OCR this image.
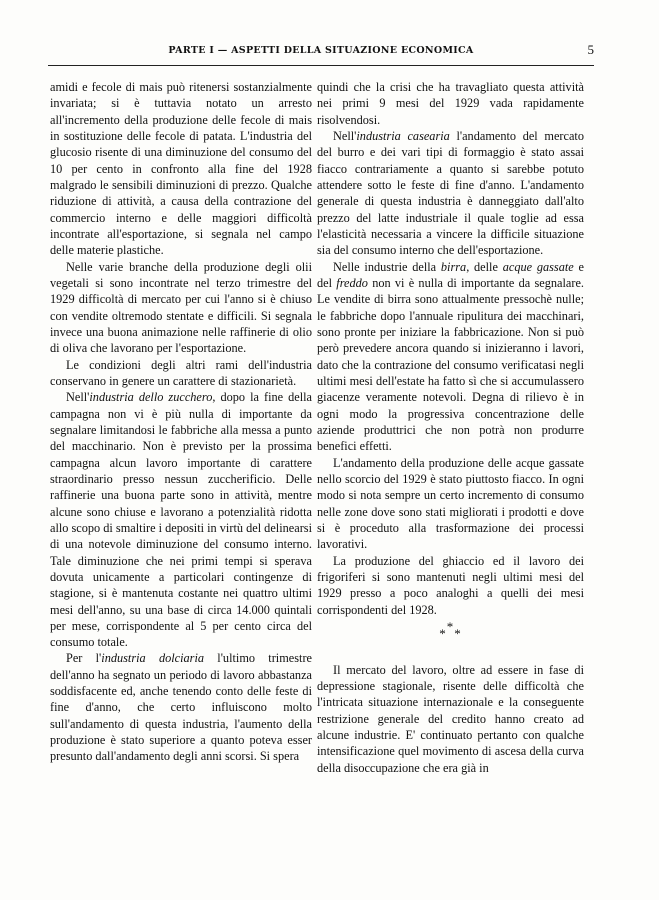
PARTE I — ASPETTI DELLA SITUAZIONE ECONOMICA	5

amidi e fecole di mais può ritenersi sostanzialmente invariata; si è tuttavia notato un arresto all'incremento della produzione delle fecole di mais in sostituzione delle fecole di patata. L'industria del glucosio risente di una diminuzione del consumo del 10 per cento in confronto alla fine del 1928 malgrado le sensibili diminuzioni di prezzo. Qualche riduzione di attività, a causa della contrazione del commercio interno e delle maggiori difficoltà incontrate all'esportazione, si segnala nel campo delle materie plastiche.

Nelle varie branche della produzione degli olii vegetali si sono incontrate nel terzo trimestre del 1929 difficoltà di mercato per cui l'anno si è chiuso con vendite oltremodo stentate e difficili. Si segnala invece una buona animazione nelle raffinerie di olio di oliva che lavorano per l'esportazione.

Le condizioni degli altri rami dell'industria conservano in genere un carattere di stazionarietà.

Nell'industria dello zucchero, dopo la fine della campagna non vi è più nulla di importante da segnalare limitandosi le fabbriche alla messa a punto del macchinario. Non è previsto per la prossima campagna alcun lavoro importante di carattere straordinario presso nessun zuccherificio. Delle raffinerie una buona parte sono in attività, mentre alcune sono chiuse e lavorano a potenzialità ridotta allo scopo di smaltire i depositi in virtù del delinearsi di una notevole diminuzione del consumo interno. Tale diminuzione che nei primi tempi si sperava dovuta unicamente a particolari contingenze di stagione, si è mantenuta costante nei quattro ultimi mesi dell'anno, su una base di circa 14.000 quintali per mese, corrispondente al 5 per cento circa del consumo totale.

Per l'industria dolciaria l'ultimo trimestre dell'anno ha segnato un periodo di lavoro abbastanza soddisfacente ed, anche tenendo conto delle feste di fine d'anno, che certo influiscono molto sull'andamento di questa industria, l'aumento della produzione è stato superiore a quanto poteva esser presunto dall'andamento degli anni scorsi. Si spera

quindi che la crisi che ha travagliato questa attività nei primi 9 mesi del 1929 vada rapidamente risolvendosi.

Nell'industria casearia l'andamento del mercato del burro e dei vari tipi di formaggio è stato assai fiacco contrariamente a quanto si sarebbe potuto attendere sotto le feste di fine d'anno. L'andamento generale di questa industria è danneggiato dall'alto prezzo del latte industriale il quale toglie ad essa l'elasticità necessaria a vincere la difficile situazione sia del consumo interno che dell'esportazione.

Nelle industrie della birra, delle acque gassate e del freddo non vi è nulla di importante da segnalare. Le vendite di birra sono attualmente pressochè nulle; le fabbriche dopo l'annuale ripulitura dei macchinari, sono pronte per iniziare la fabbricazione. Non si può però prevedere ancora quando si inizieranno i lavori, dato che la contrazione del consumo verificatasi negli ultimi mesi dell'estate ha fatto sì che si accumulassero giacenze veramente notevoli. Degna di rilievo è in ogni modo la progressiva concentrazione delle aziende produttrici che non potrà non produrre benefici effetti.

L'andamento della produzione delle acque gassate nello scorcio del 1929 è stato piuttosto fiacco. In ogni modo si nota sempre un certo incremento di consumo nelle zone dove sono stati migliorati i prodotti e dove si è proceduto alla trasformazione dei processi lavorativi.

La produzione del ghiaccio ed il lavoro dei frigoriferi si sono mantenuti negli ultimi mesi del 1929 presso a poco analoghi a quelli dei mesi corrispondenti del 1928.

***

Il mercato del lavoro, oltre ad essere in fase di depressione stagionale, risente delle difficoltà che l'intricata situazione internazionale e la conseguente restrizione generale del credito hanno creato ad alcune industrie. E' continuato pertanto con qualche intensificazione quel movimento di ascesa della curva della disoccupazione che era già in
